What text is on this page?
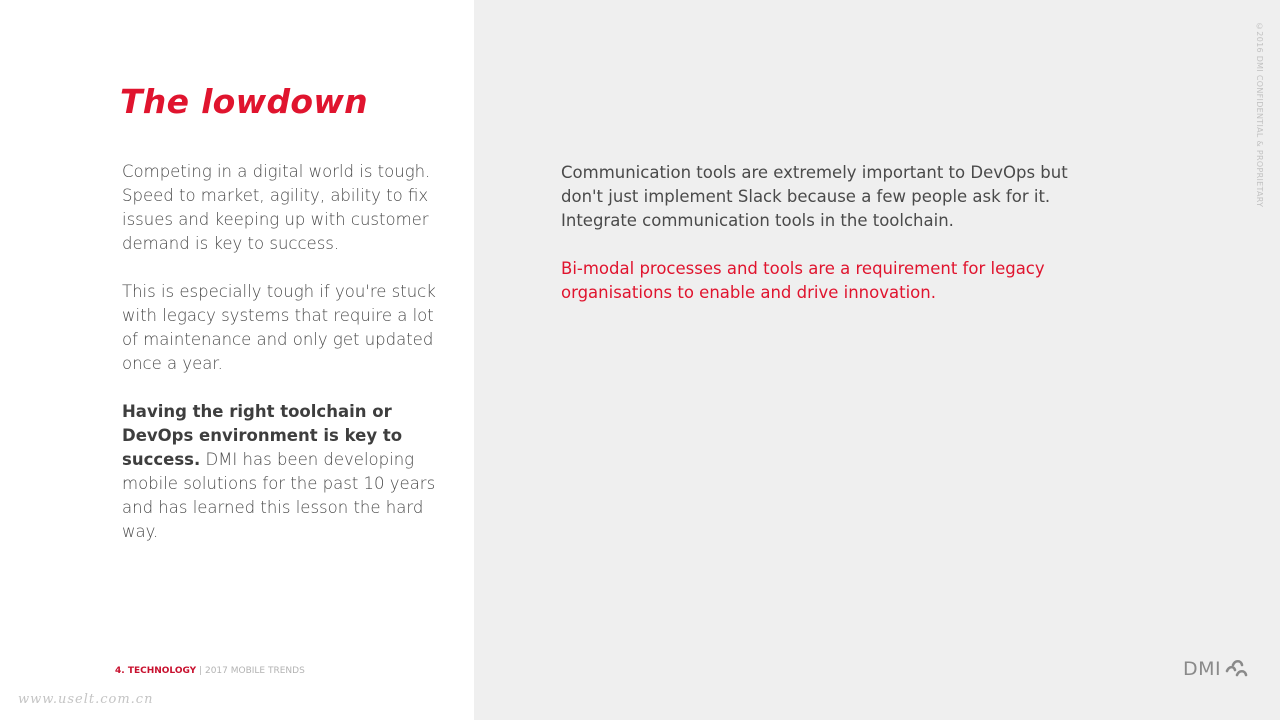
The lowdown

Competing in a digital world is tough. Speed to market, agility, ability to fix issues and keeping up with customer demand is key to success.

This is especially tough if you're stuck with legacy systems that require a lot of maintenance and only get updated once a year.

Having the right toolchain or DevOps environment is key to success. DMI has been developing mobile solutions for the past 10 years and has learned this lesson the hard way.

Communication tools are extremely important to DevOps but don't just implement Slack because a few people ask for it. Integrate communication tools in the toolchain.

Bi-modal processes and tools are a requirement for legacy organisations to enable and drive innovation.

©2016 DMI CONFIDENTIAL & PROPRIETARY
4. TECHNOLOGY | 2017 MOBILE TRENDS	DMI
www.uselt.com.cn
